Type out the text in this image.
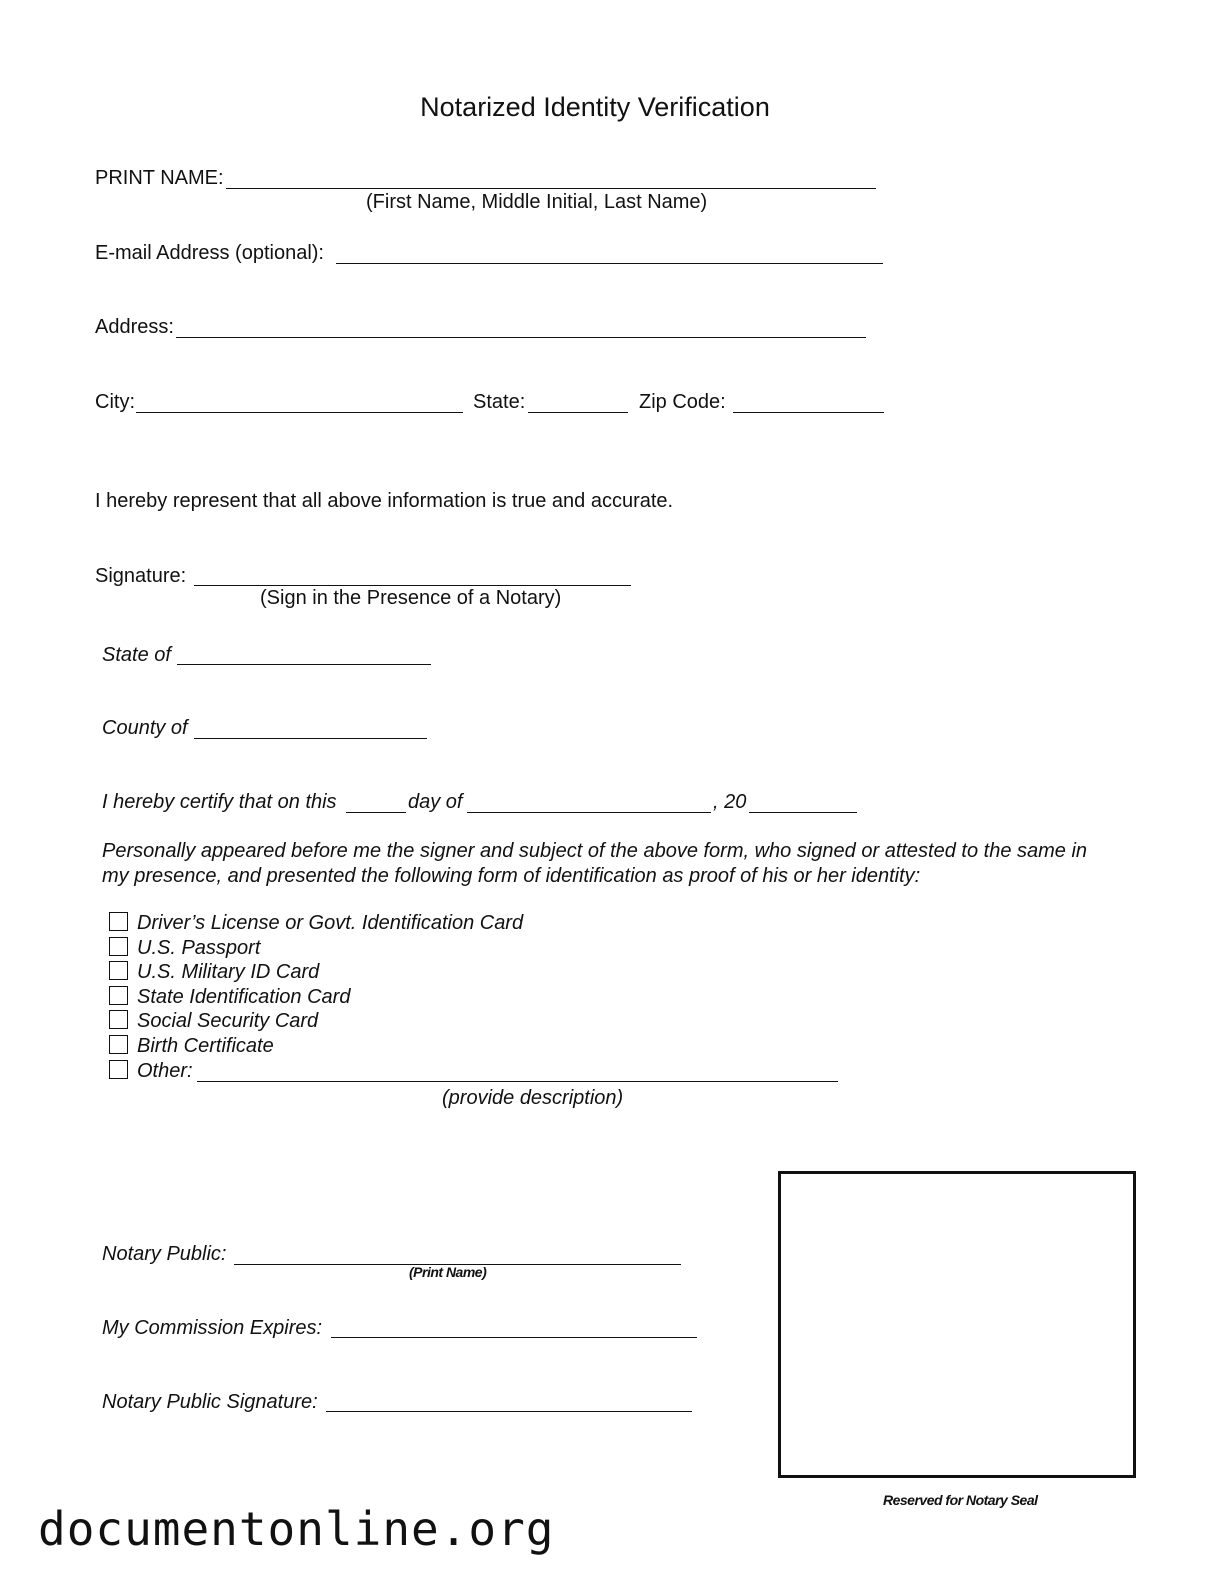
Notarized Identity Verification
PRINT NAME:
(First Name, Middle Initial, Last Name)
E-mail Address (optional):
Address:
City:	State:	Zip Code:
I hereby represent that all above information is true and accurate.
Signature:
(Sign in the Presence of a Notary)
State of
County of
I hereby certify that on this	day of	, 20
Personally appeared before me the signer and subject of the above form, who signed or attested to the same in
my presence, and presented the following form of identification as proof of his or her identity:
Driver’s License or Govt. Identification Card
U.S. Passport
U.S. Military ID Card
State Identification Card
Social Security Card
Birth Certificate
Other:
(provide description)
Notary Public:
(Print Name)
My Commission Expires:
Notary Public Signature:
Reserved for Notary Seal
documentonline.org
